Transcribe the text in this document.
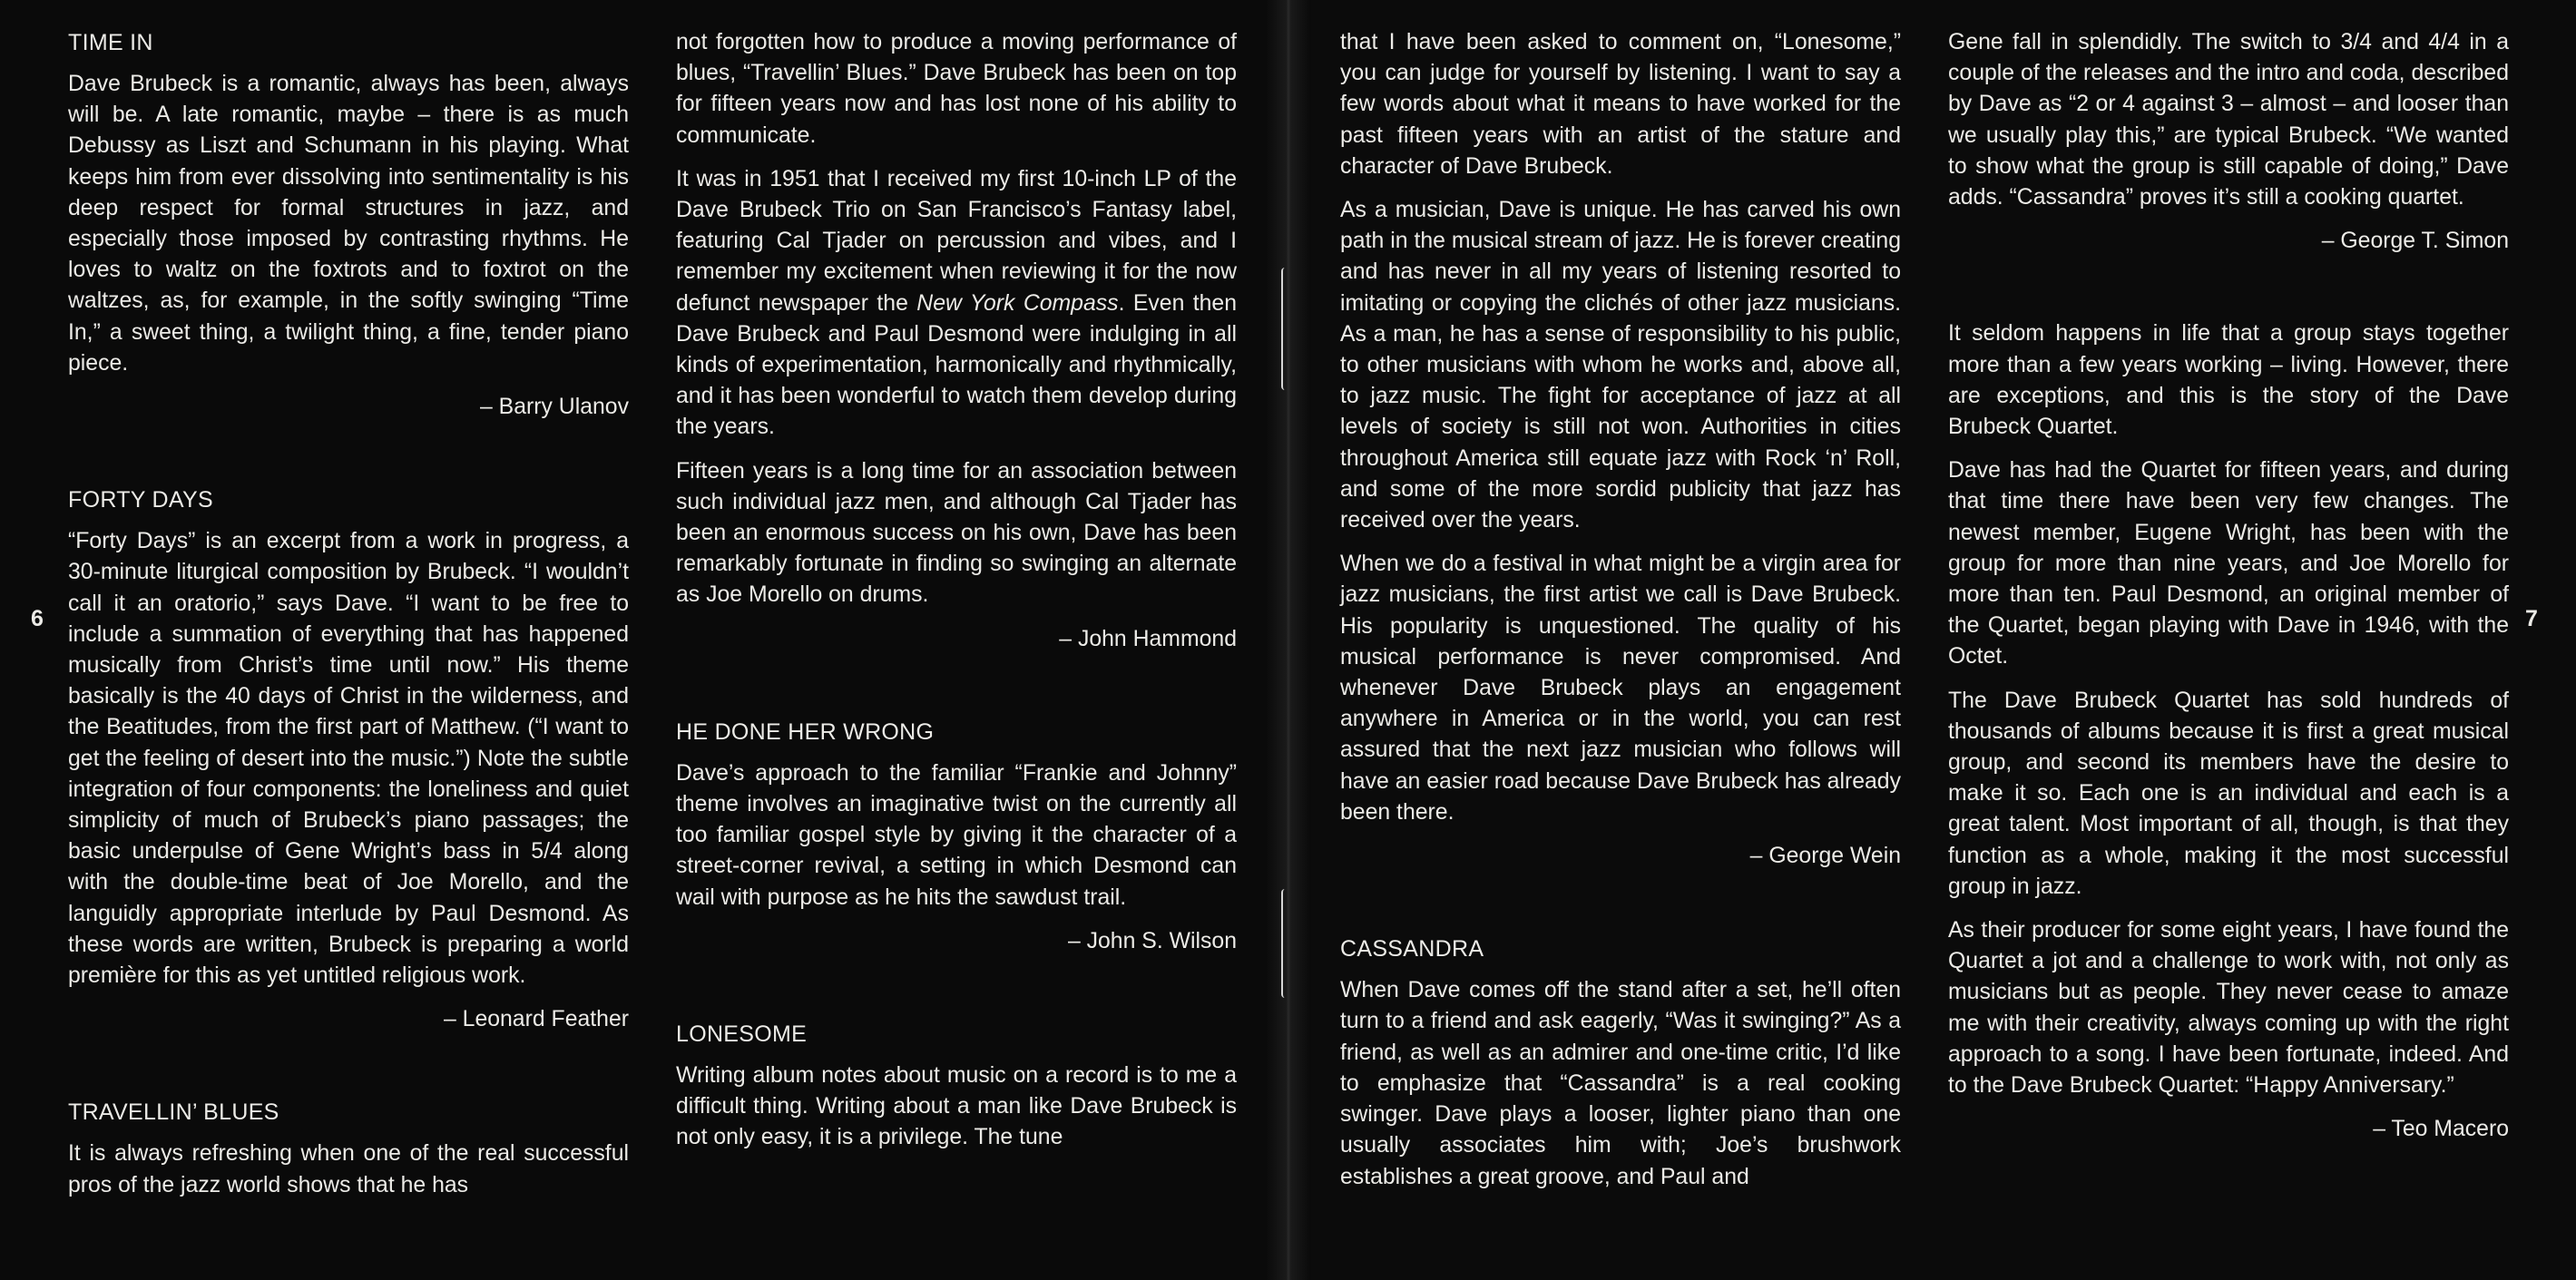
6	7
TIME IN

Dave Brubeck is a romantic, always has been, always will be. A late romantic, maybe – there is as much Debussy as Liszt and Schumann in his playing. What keeps him from ever dissolving into sentimentality is his deep respect for formal structures in jazz, and especially those imposed by contrasting rhythms. He loves to waltz on the foxtrots and to foxtrot on the waltzes, as, for example, in the softly swinging “Time In,” a sweet thing, a twilight thing, a fine, tender piano piece.

– Barry Ulanov
FORTY DAYS

“Forty Days” is an excerpt from a work in progress, a 30-minute liturgical composition by Brubeck. “I wouldn’t call it an oratorio,” says Dave. “I want to be free to include a summation of everything that has happened musically from Christ’s time until now.” His theme basically is the 40 days of Christ in the wilderness, and the Beatitudes, from the first part of Matthew. (“I want to get the feeling of desert into the music.”) Note the subtle integration of four components: the loneliness and quiet simplicity of much of Brubeck’s piano passages; the basic underpulse of Gene Wright’s bass in 5/4 along with the double-time beat of Joe Morello, and the languidly appropriate interlude by Paul Desmond. As these words are written, Brubeck is preparing a world première for this as yet untitled religious work.

– Leonard Feather
TRAVELLIN’ BLUES

It is always refreshing when one of the real successful pros of the jazz world shows that he has

not forgotten how to produce a moving performance of blues, “Travellin’ Blues.” Dave Brubeck has been on top for fifteen years now and has lost none of his ability to communicate.

It was in 1951 that I received my first 10-inch LP of the Dave Brubeck Trio on San Francisco’s Fantasy label, featuring Cal Tjader on percussion and vibes, and I remember my excitement when reviewing it for the now defunct newspaper the New York Compass. Even then Dave Brubeck and Paul Desmond were indulging in all kinds of experimentation, harmonically and rhythmically, and it has been wonderful to watch them develop during the years.

Fifteen years is a long time for an association between such individual jazz men, and although Cal Tjader has been an enormous success on his own, Dave has been remarkably fortunate in finding so swinging an alternate as Joe Morello on drums.

– John Hammond
HE DONE HER WRONG

Dave’s approach to the familiar “Frankie and Johnny” theme involves an imaginative twist on the currently all too familiar gospel style by giving it the character of a street-corner revival, a setting in which Desmond can wail with purpose as he hits the sawdust trail.

– John S. Wilson
LONESOME

Writing album notes about music on a record is to me a difficult thing. Writing about a man like Dave Brubeck is not only easy, it is a privilege. The tune

that I have been asked to comment on, “Lonesome,” you can judge for yourself by listening. I want to say a few words about what it means to have worked for the past fifteen years with an artist of the stature and character of Dave Brubeck.

As a musician, Dave is unique. He has carved his own path in the musical stream of jazz. He is forever creating and has never in all my years of listening resorted to imitating or copying the clichés of other jazz musicians. As a man, he has a sense of responsibility to his public, to other musicians with whom he works and, above all, to jazz music. The fight for acceptance of jazz at all levels of society is still not won. Authorities in cities throughout America still equate jazz with Rock ‘n’ Roll, and some of the more sordid publicity that jazz has received over the years.

When we do a festival in what might be a virgin area for jazz musicians, the first artist we call is Dave Brubeck. His popularity is unquestioned. The quality of his musical performance is never compromised. And whenever Dave Brubeck plays an engagement anywhere in America or in the world, you can rest assured that the next jazz musician who follows will have an easier road because Dave Brubeck has already been there.

– George Wein
CASSANDRA

When Dave comes off the stand after a set, he’ll often turn to a friend and ask eagerly, “Was it swinging?” As a friend, as well as an admirer and one-time critic, I’d like to emphasize that “Cassandra” is a real cooking swinger. Dave plays a looser, lighter piano than one usually associates him with; Joe’s brushwork establishes a great groove, and Paul and

Gene fall in splendidly. The switch to 3/4 and 4/4 in a couple of the releases and the intro and coda, described by Dave as “2 or 4 against 3 – almost – and looser than we usually play this,” are typical Brubeck. “We wanted to show what the group is still capable of doing,” Dave adds. “Cassandra” proves it’s still a cooking quartet.

– George T. Simon

It seldom happens in life that a group stays together more than a few years working – living. However, there are exceptions, and this is the story of the Dave Brubeck Quartet.

Dave has had the Quartet for fifteen years, and during that time there have been very few changes. The newest member, Eugene Wright, has been with the group for more than nine years, and Joe Morello for more than ten. Paul Desmond, an original member of the Quartet, began playing with Dave in 1946, with the Octet.

The Dave Brubeck Quartet has sold hundreds of thousands of albums because it is first a great musical group, and second its members have the desire to make it so. Each one is an individual and each is a great talent. Most important of all, though, is that they function as a whole, making it the most successful group in jazz.

As their producer for some eight years, I have found the Quartet a jot and a challenge to work with, not only as musicians but as people. They never cease to amaze me with their creativity, always coming up with the right approach to a song. I have been fortunate, indeed. And to the Dave Brubeck Quartet: “Happy Anniversary.”

– Teo Macero
